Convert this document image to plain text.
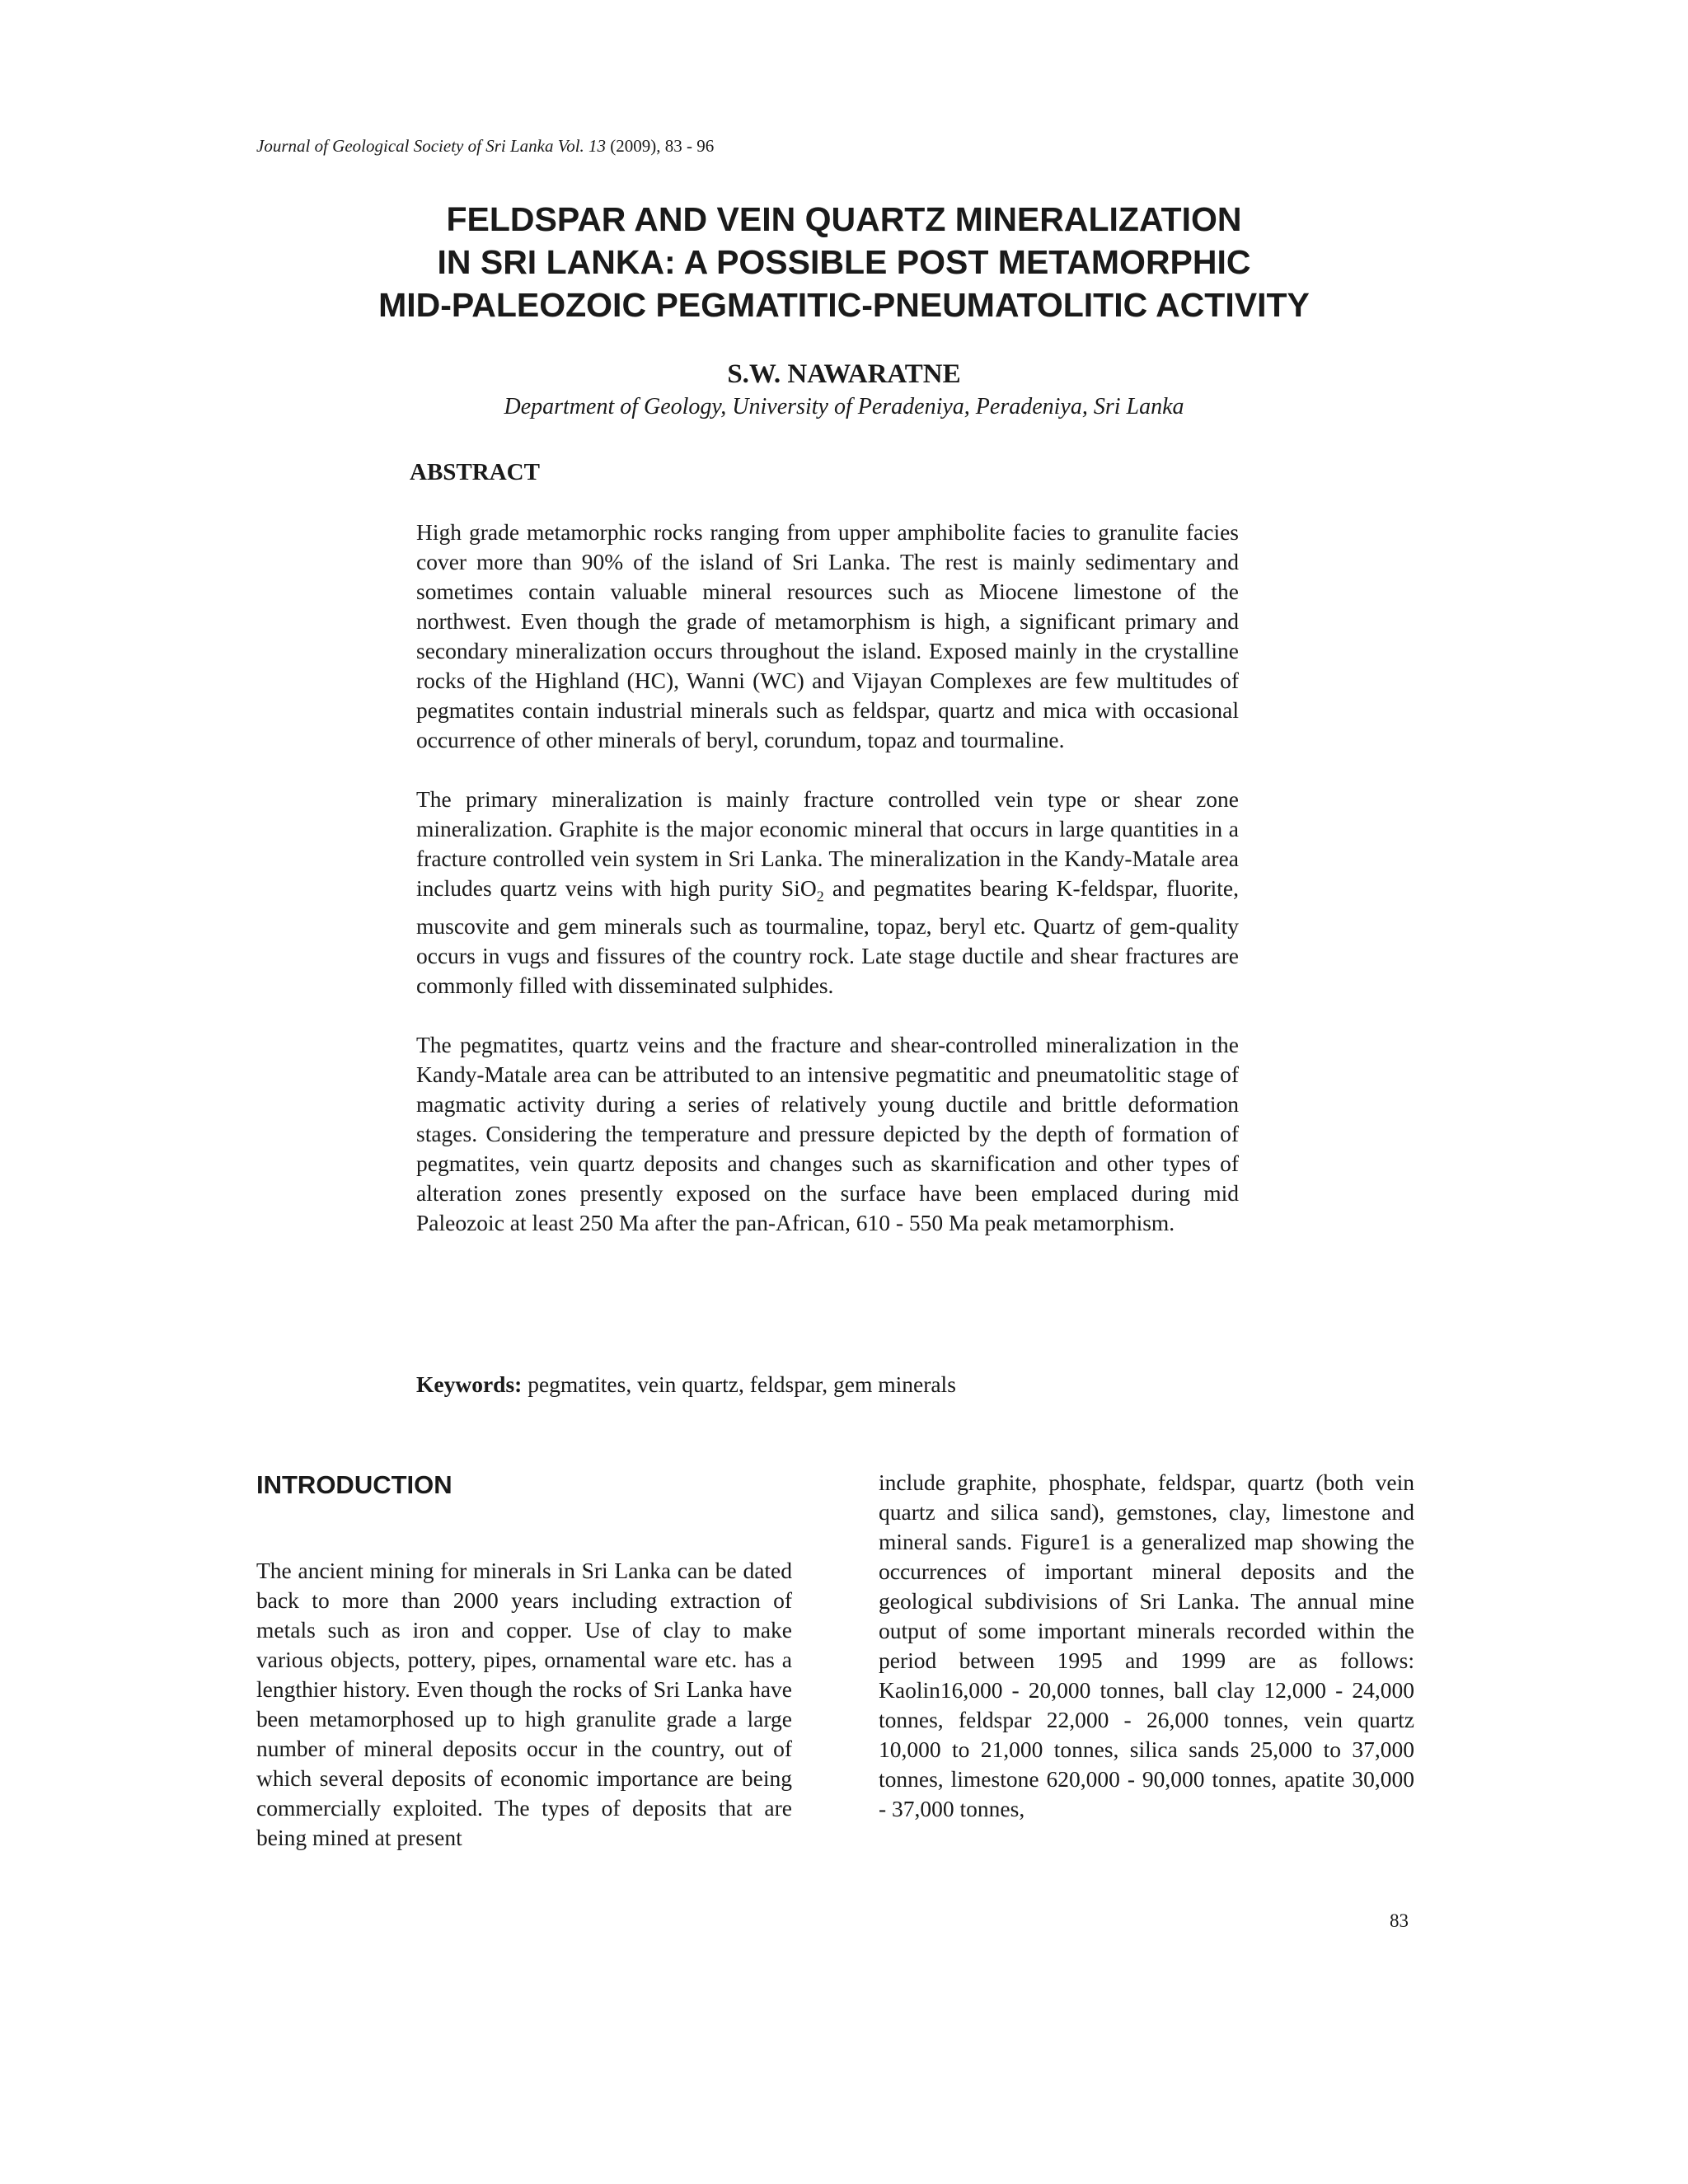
Journal of Geological Society of Sri Lanka Vol. 13 (2009), 83 - 96
FELDSPAR AND VEIN QUARTZ MINERALIZATION
IN SRI LANKA: A POSSIBLE POST METAMORPHIC
MID-PALEOZOIC PEGMATITIC-PNEUMATOLITIC ACTIVITY
S.W. NAWARATNE
Department of Geology, University of Peradeniya, Peradeniya, Sri Lanka
ABSTRACT

High grade metamorphic rocks ranging from upper amphibolite facies to granulite facies cover more than 90% of the island of Sri Lanka. The rest is mainly sedimentary and sometimes contain valuable mineral resources such as Miocene limestone of the northwest. Even though the grade of metamorphism is high, a significant primary and secondary mineralization occurs throughout the island. Exposed mainly in the crystalline rocks of the Highland (HC), Wanni (WC) and Vijayan Complexes are few multitudes of pegmatites contain industrial minerals such as feldspar, quartz and mica with occasional occurrence of other minerals of beryl, corundum, topaz and tourmaline.

The primary mineralization is mainly fracture controlled vein type or shear zone mineralization. Graphite is the major economic mineral that occurs in large quantities in a fracture controlled vein system in Sri Lanka. The mineralization in the Kandy-Matale area includes quartz veins with high purity SiO$_2$ and pegmatites bearing K-feldspar, fluorite, muscovite and gem minerals such as tourmaline, topaz, beryl etc. Quartz of gem-quality occurs in vugs and fissures of the country rock. Late stage ductile and shear fractures are commonly filled with disseminated sulphides.

The pegmatites, quartz veins and the fracture and shear-controlled mineralization in the Kandy-Matale area can be attributed to an intensive pegmatitic and pneumatolitic stage of magmatic activity during a series of relatively young ductile and brittle deformation stages. Considering the temperature and pressure depicted by the depth of formation of pegmatites, vein quartz deposits and changes such as skarnification and other types of alteration zones presently exposed on the surface have been emplaced during mid Paleozoic at least 250 Ma after the pan-African, 610 - 550 Ma peak metamorphism.

Keywords: pegmatites, vein quartz, feldspar, gem minerals
INTRODUCTION
The ancient mining for minerals in Sri Lanka can be dated back to more than 2000 years including extraction of metals such as iron and copper. Use of clay to make various objects, pottery, pipes, ornamental ware etc. has a lengthier history. Even though the rocks of Sri Lanka have been metamorphosed up to high granulite grade a large number of mineral deposits occur in the country, out of which several deposits of economic importance are being commercially exploited. The types of deposits that are being mined at present
include graphite, phosphate, feldspar, quartz (both vein quartz and silica sand), gemstones, clay, limestone and mineral sands. Figure1 is a generalized map showing the occurrences of important mineral deposits and the geological subdivisions of Sri Lanka. The annual mine output of some important minerals recorded within the period between 1995 and 1999 are as follows: Kaolin16,000 - 20,000 tonnes, ball clay 12,000 - 24,000 tonnes, feldspar 22,000 - 26,000 tonnes, vein quartz 10,000 to 21,000 tonnes, silica sands 25,000 to 37,000 tonnes, limestone 620,000 - 90,000 tonnes, apatite 30,000 - 37,000 tonnes,
83
